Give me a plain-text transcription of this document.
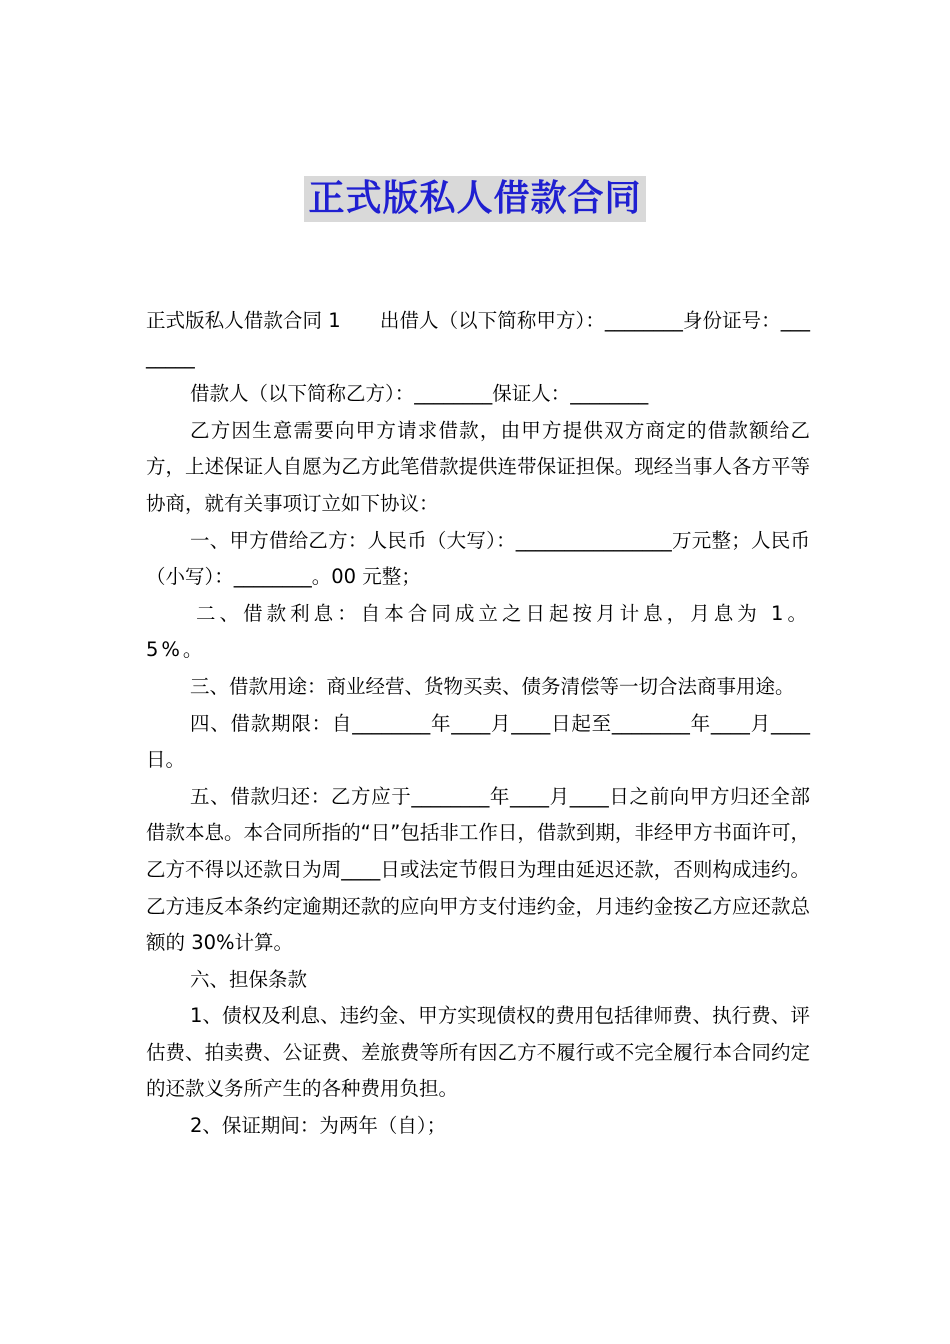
正式版私人借款合同

正式版私人借款合同 1　　出借人（以下简称甲方）：________身份证号：________

借款人（以下简称乙方）：________保证人：________

乙方因生意需要向甲方请求借款，由甲方提供双方商定的借款额给乙方，上述保证人自愿为乙方此笔借款提供连带保证担保。现经当事人各方平等协商，就有关事项订立如下协议：

一、甲方借给乙方：人民币（大写）：________________万元整；人民币（小写）：________。00 元整；

二、借款利息：自本合同成立之日起按月计息，月息为 1。5%。

三、借款用途：商业经营、货物买卖、债务清偿等一切合法商事用途。

四、借款期限：自________年____月____日起至________年____月____日。

五、借款归还：乙方应于________年____月____日之前向甲方归还全部借款本息。本合同所指的“日”包括非工作日，借款到期，非经甲方书面许可，乙方不得以还款日为周____日或法定节假日为理由延迟还款，否则构成违约。乙方违反本条约定逾期还款的应向甲方支付违约金，月违约金按乙方应还款总额的 30%计算。

六、担保条款

1、债权及利息、违约金、甲方实现债权的费用包括律师费、执行费、评估费、拍卖费、公证费、差旅费等所有因乙方不履行或不完全履行本合同约定的还款义务所产生的各种费用负担。

2、保证期间：为两年（自）；
